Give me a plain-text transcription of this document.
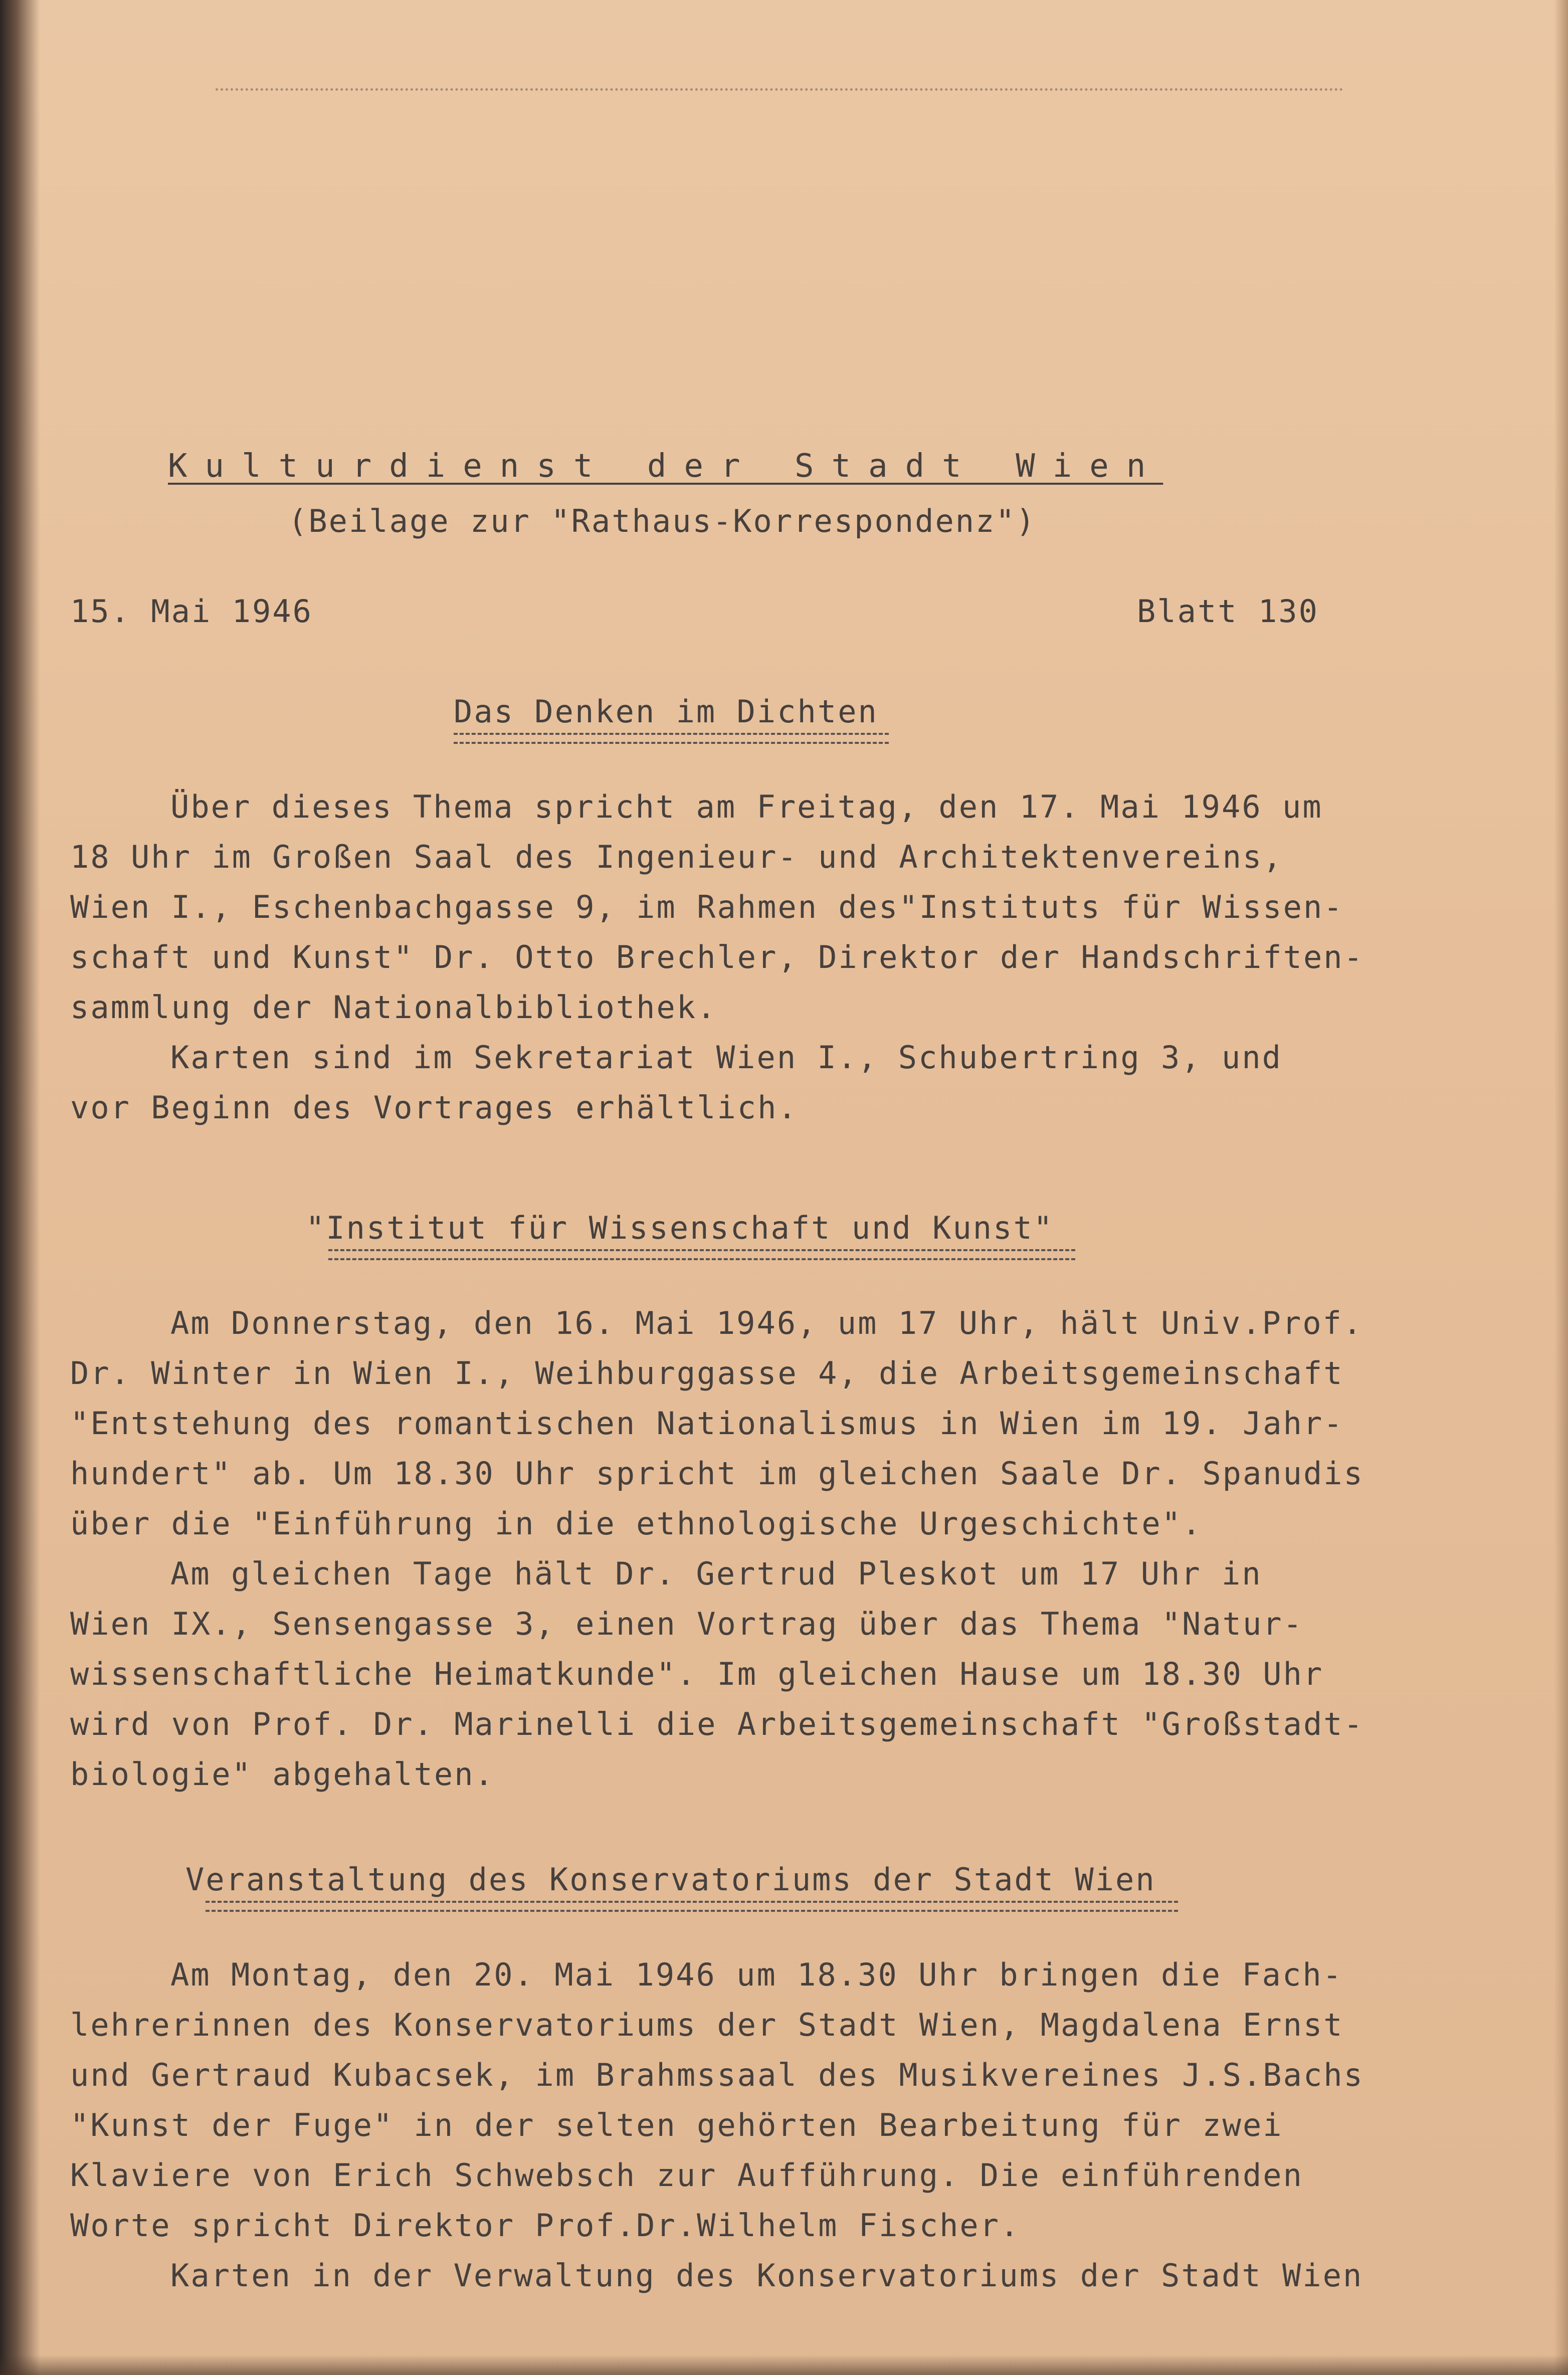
Kulturdienst der Stadt Wien
(Beilage zur "Rathaus-Korrespondenz")
15. Mai 1946	Blatt 130
Das Denken im Dichten
Über dieses Thema spricht am Freitag, den 17. Mai 1946 um
18 Uhr im Großen Saal des Ingenieur- und Architektenvereins,
Wien I., Eschenbachgasse 9, im Rahmen des"Instituts für Wissen-
schaft und Kunst" Dr. Otto Brechler, Direktor der Handschriften-
sammlung der Nationalbibliothek.
Karten sind im Sekretariat Wien I., Schubertring 3, und
vor Beginn des Vortrages erhältlich.
"Institut für Wissenschaft und Kunst"
Am Donnerstag, den 16. Mai 1946, um 17 Uhr, hält Univ.Prof.
Dr. Winter in Wien I., Weihburggasse 4, die Arbeitsgemeinschaft
"Entstehung des romantischen Nationalismus in Wien im 19. Jahr-
hundert" ab. Um 18.30 Uhr spricht im gleichen Saale Dr. Spanudis
über die "Einführung in die ethnologische Urgeschichte".
Am gleichen Tage hält Dr. Gertrud Pleskot um 17 Uhr in
Wien IX., Sensengasse 3, einen Vortrag über das Thema "Natur-
wissenschaftliche Heimatkunde". Im gleichen Hause um 18.30 Uhr
wird von Prof. Dr. Marinelli die Arbeitsgemeinschaft "Großstadt-
biologie" abgehalten.
Veranstaltung des Konservatoriums der Stadt Wien
Am Montag, den 20. Mai 1946 um 18.30 Uhr bringen die Fach-
lehrerinnen des Konservatoriums der Stadt Wien, Magdalena Ernst
und Gertraud Kubacsek, im Brahmssaal des Musikvereines J.S.Bachs
"Kunst der Fuge" in der selten gehörten Bearbeitung für zwei
Klaviere von Erich Schwebsch zur Aufführung. Die einführenden
Worte spricht Direktor Prof.Dr.Wilhelm Fischer.
Karten in der Verwaltung des Konservatoriums der Stadt Wien
